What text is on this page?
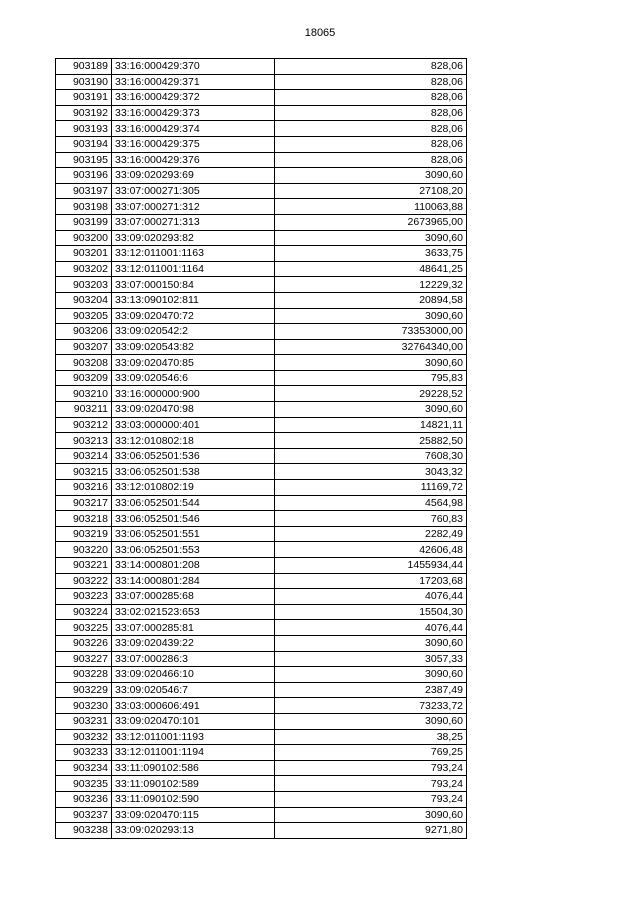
18065
903189	33:16:000429:370	828,06
903190	33:16:000429:371	828,06
903191	33:16:000429:372	828,06
903192	33:16:000429:373	828,06
903193	33:16:000429:374	828,06
903194	33:16:000429:375	828,06
903195	33:16:000429:376	828,06
903196	33:09:020293:69	3090,60
903197	33:07:000271:305	27108,20
903198	33:07:000271:312	110063,88
903199	33:07:000271:313	2673965,00
903200	33:09:020293:82	3090,60
903201	33:12:011001:1163	3633,75
903202	33:12:011001:1164	48641,25
903203	33:07:000150:84	12229,32
903204	33:13:090102:811	20894,58
903205	33:09:020470:72	3090,60
903206	33:09:020542:2	73353000,00
903207	33:09:020543:82	32764340,00
903208	33:09:020470:85	3090,60
903209	33:09:020546:6	795,83
903210	33:16:000000:900	29228,52
903211	33:09:020470:98	3090,60
903212	33:03:000000:401	14821,11
903213	33:12:010802:18	25882,50
903214	33:06:052501:536	7608,30
903215	33:06:052501:538	3043,32
903216	33:12:010802:19	11169,72
903217	33:06:052501:544	4564,98
903218	33:06:052501:546	760,83
903219	33:06:052501:551	2282,49
903220	33:06:052501:553	42606,48
903221	33:14:000801:208	1455934,44
903222	33:14:000801:284	17203,68
903223	33:07:000285:68	4076,44
903224	33:02:021523:653	15504,30
903225	33:07:000285:81	4076,44
903226	33:09:020439:22	3090,60
903227	33:07:000286:3	3057,33
903228	33:09:020466:10	3090,60
903229	33:09:020546:7	2387,49
903230	33:03:000606:491	73233,72
903231	33:09:020470:101	3090,60
903232	33:12:011001:1193	38,25
903233	33:12:011001:1194	769,25
903234	33:11:090102:586	793,24
903235	33:11:090102:589	793,24
903236	33:11:090102:590	793,24
903237	33:09:020470:115	3090,60
903238	33:09:020293:13	9271,80
